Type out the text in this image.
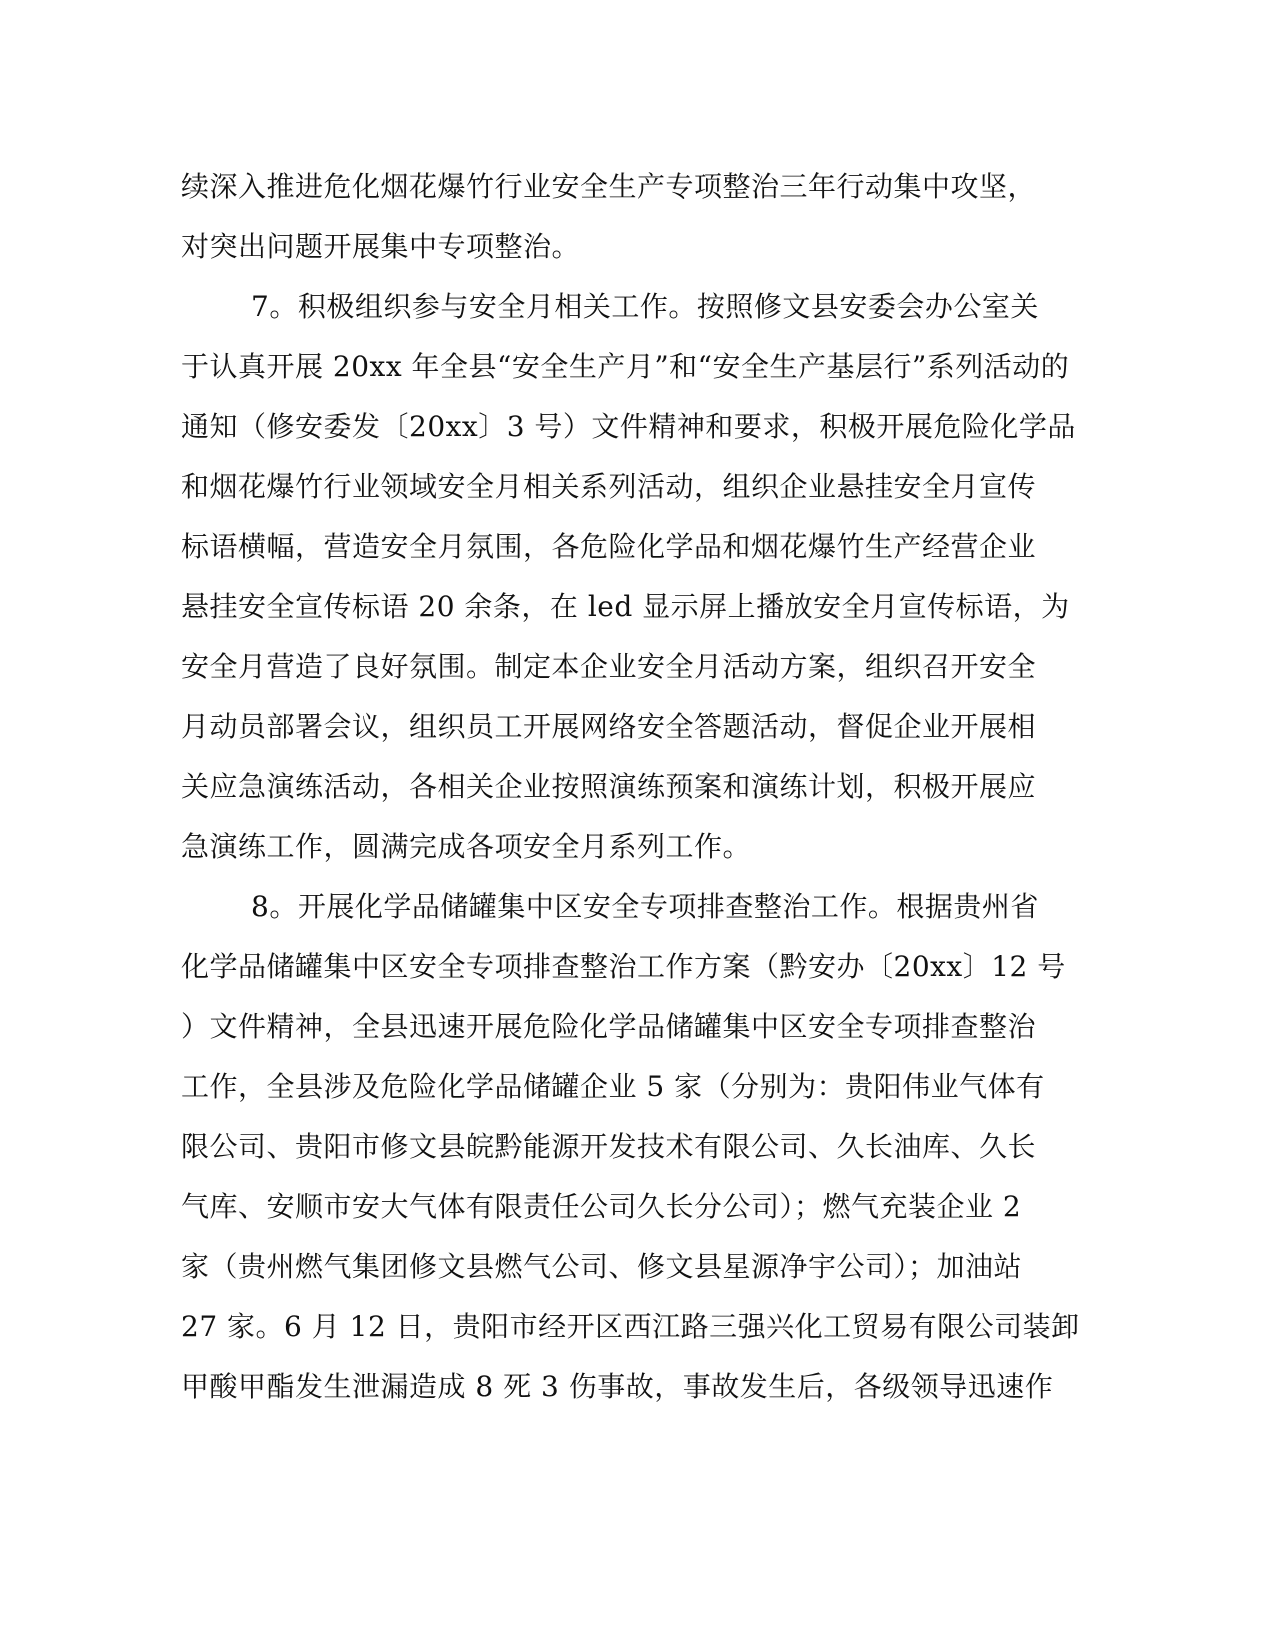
续深入推进危化烟花爆竹行业安全生产专项整治三年行动集中攻坚，
对突出问题开展集中专项整治。
7。积极组织参与安全月相关工作。按照修文县安委会办公室关
于认真开展 20xx 年全县“安全生产月”和“安全生产基层行”系列活动的
通知（修安委发〔20xx〕3 号）文件精神和要求，积极开展危险化学品
和烟花爆竹行业领域安全月相关系列活动，组织企业悬挂安全月宣传
标语横幅，营造安全月氛围，各危险化学品和烟花爆竹生产经营企业
悬挂安全宣传标语 20 余条，在 led 显示屏上播放安全月宣传标语，为
安全月营造了良好氛围。制定本企业安全月活动方案，组织召开安全
月动员部署会议，组织员工开展网络安全答题活动，督促企业开展相
关应急演练活动，各相关企业按照演练预案和演练计划，积极开展应
急演练工作，圆满完成各项安全月系列工作。
8。开展化学品储罐集中区安全专项排查整治工作。根据贵州省
化学品储罐集中区安全专项排查整治工作方案（黔安办〔20xx〕12 号
）文件精神，全县迅速开展危险化学品储罐集中区安全专项排查整治
工作，全县涉及危险化学品储罐企业 5 家（分别为：贵阳伟业气体有
限公司、贵阳市修文县皖黔能源开发技术有限公司、久长油库、久长
气库、安顺市安大气体有限责任公司久长分公司）；燃气充装企业 2
家（贵州燃气集团修文县燃气公司、修文县星源净宇公司）；加油站
27 家。6 月 12 日，贵阳市经开区西江路三强兴化工贸易有限公司装卸
甲酸甲酯发生泄漏造成 8 死 3 伤事故，事故发生后，各级领导迅速作
